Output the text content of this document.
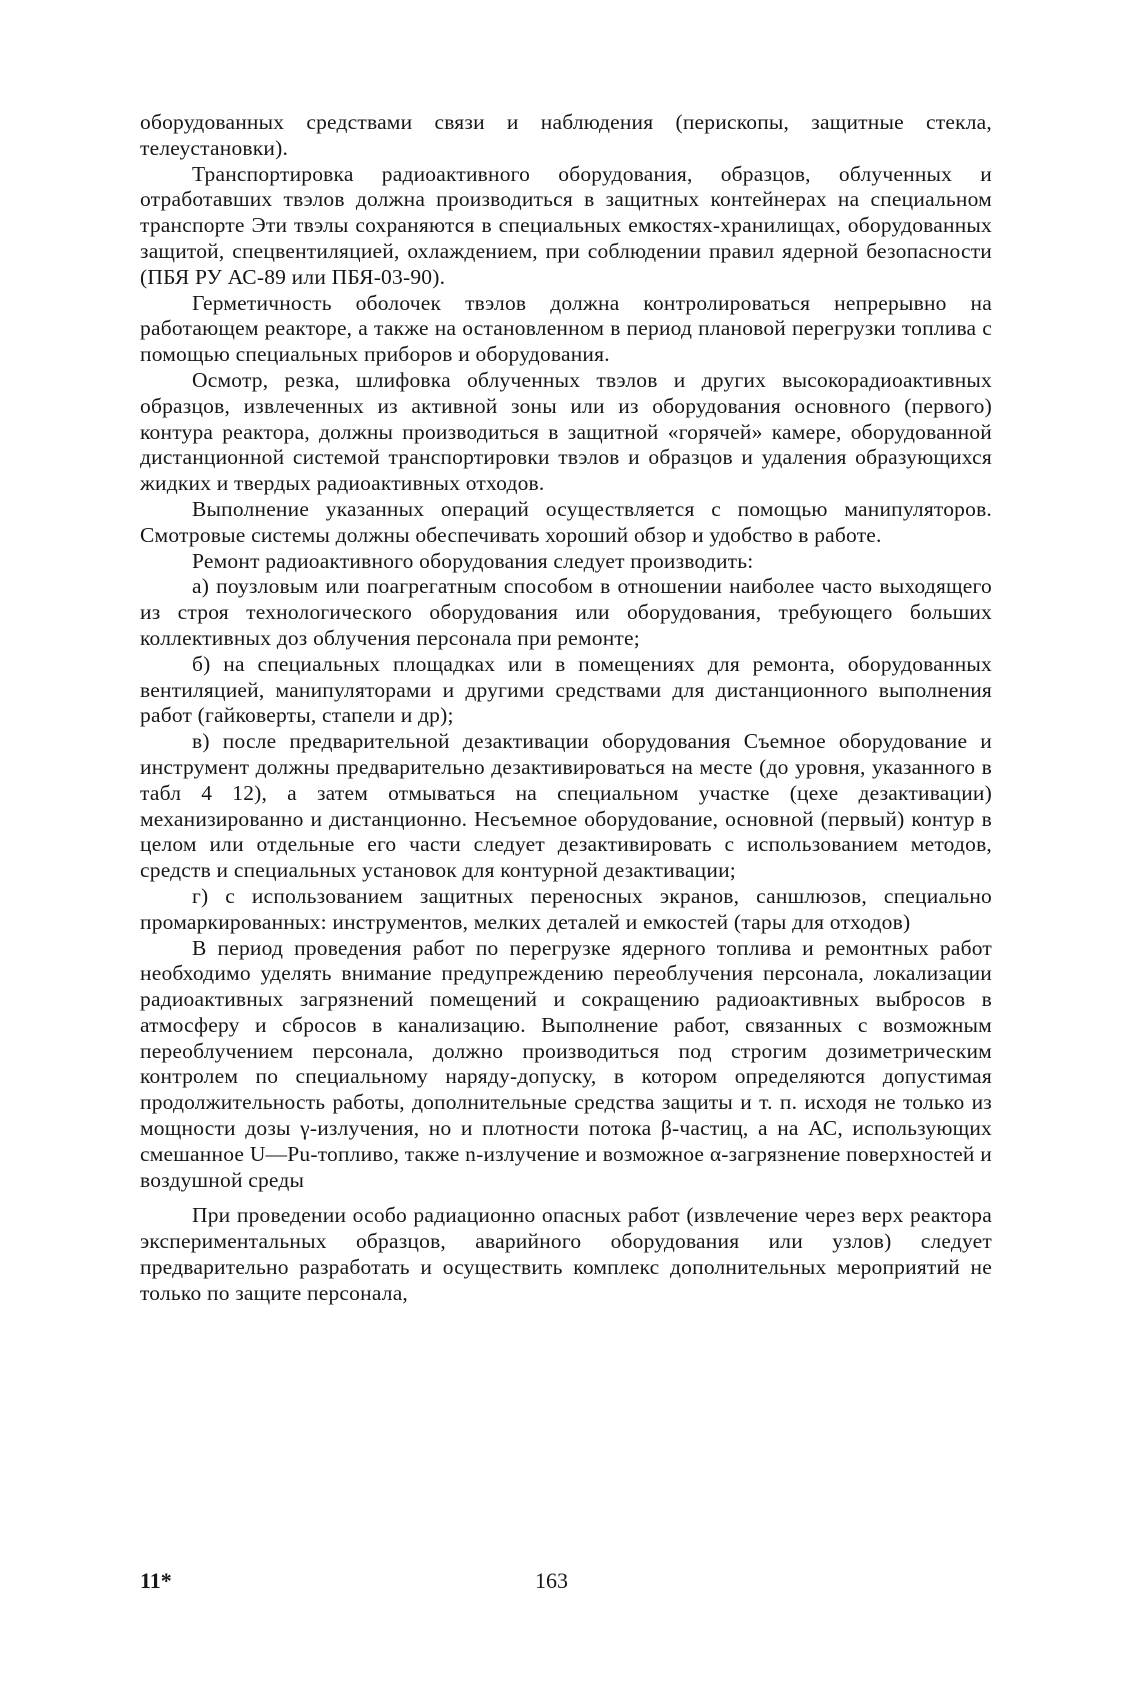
оборудованных средствами связи и наблюдения (перископы, защитные стекла, телеустановки).

Транспортировка радиоактивного оборудования, образцов, облученных и отработавших твэлов должна производиться в защитных контейнерах на специальном транспорте Эти твэлы сохраняются в специальных емкостях-хранилищах, оборудованных защитой, спецвентиляцией, охлаждением, при соблюдении правил ядерной безопасности (ПБЯ РУ АС-89 или ПБЯ-03-90).

Герметичность оболочек твэлов должна контролироваться непрерывно на работающем реакторе, а также на остановленном в период плановой перегрузки топлива с помощью специальных приборов и оборудования.

Осмотр, резка, шлифовка облученных твэлов и других высокорадиоактивных образцов, извлеченных из активной зоны или из оборудования основного (первого) контура реактора, должны производиться в защитной «горячей» камере, оборудованной дистанционной системой транспортировки твэлов и образцов и удаления образующихся жидких и твердых радиоактивных отходов.

Выполнение указанных операций осуществляется с помощью манипуляторов. Смотровые системы должны обеспечивать хороший обзор и удобство в работе.

Ремонт радиоактивного оборудования следует производить:

а) поузловым или поагрегатным способом в отношении наиболее часто выходящего из строя технологического оборудования или оборудования, требующего больших коллективных доз облучения персонала при ремонте;

б) на специальных площадках или в помещениях для ремонта, оборудованных вентиляцией, манипуляторами и другими средствами для дистанционного выполнения работ (гайковерты, стапели и др);

в) после предварительной дезактивации оборудования Съемное оборудование и инструмент должны предварительно дезактивироваться на месте (до уровня, указанного в табл 4 12), а затем отмываться на специальном участке (цехе дезактивации) механизированно и дистанционно. Несъемное оборудование, основной (первый) контур в целом или отдельные его части следует дезактивировать с использованием методов, средств и специальных установок для контурной дезактивации;

г) с использованием защитных переносных экранов, саншлюзов, специально промаркированных: инструментов, мелких деталей и емкостей (тары для отходов)

В период проведения работ по перегрузке ядерного топлива и ремонтных работ необходимо уделять внимание предупреждению переоблучения персонала, локализации радиоактивных загрязнений помещений и сокращению радиоактивных выбросов в атмосферу и сбросов в канализацию. Выполнение работ, связанных с возможным переоблучением персонала, должно производиться под строгим дозиметрическим контролем по специальному наряду-допуску, в котором определяются допустимая продолжительность работы, дополнительные средства защиты и т. п. исходя не только из мощности дозы γ-излучения, но и плотности потока β-частиц, а на АС, использующих смешанное U—Pu-топливо, также n-излучение и возможное α-загрязнение поверхностей и воздушной среды

При проведении особо радиационно опасных работ (извлечение через верх реактора экспериментальных образцов, аварийного оборудования или узлов) следует предварительно разработать и осуществить комплекс дополнительных мероприятий не только по защите персонала,

11*	163
